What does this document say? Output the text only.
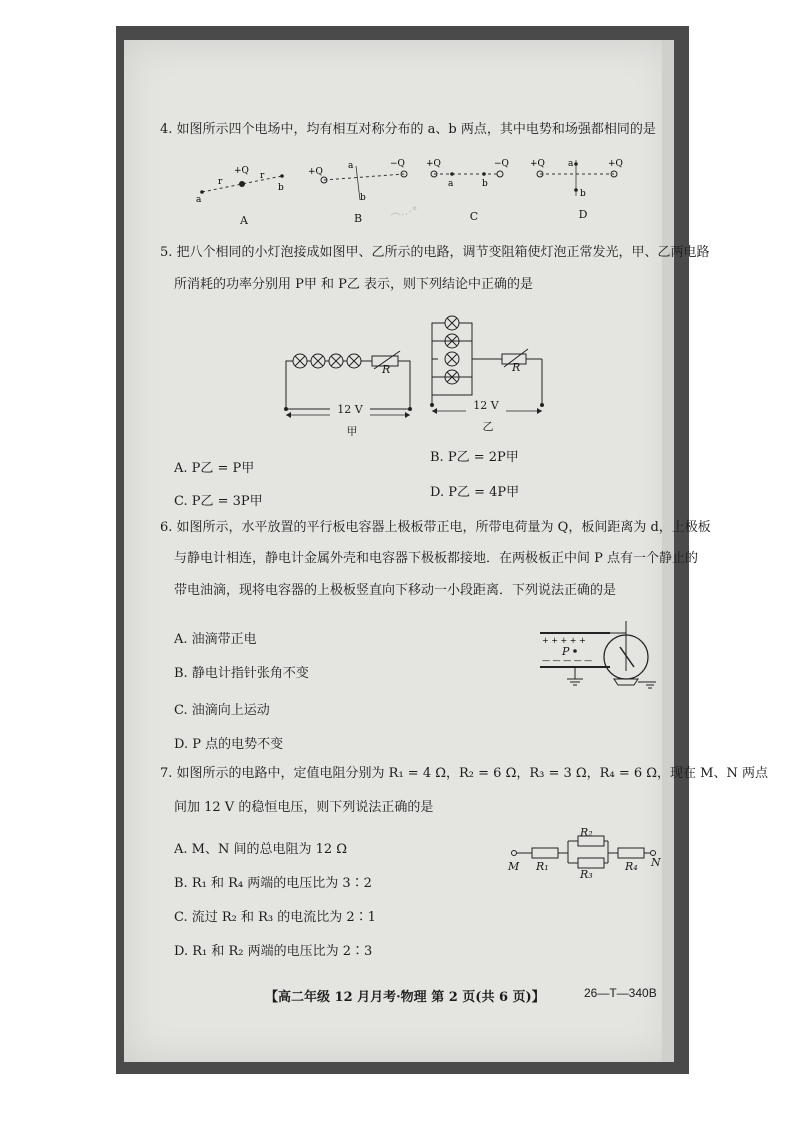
︵‥·°
4. 如图所示四个电场中，均有相互对称分布的 a、b 两点，其中电势和场强都相同的是
a
b
r
r
+Q	+Q
−Q
a
b
+Q	−Q
a	b
+Q	+Q
a
b
A	B	C	D
5. 把八个相同的小灯泡接成如图甲、乙所示的电路，调节变阻箱使灯泡正常发光，甲、乙两电路
所消耗的功率分别用 P甲 和 P乙 表示，则下列结论中正确的是
R	R
12 V	12 V
甲	乙
A. P乙 = P甲
B. P乙 = 2P甲
C. P乙 = 3P甲
D. P乙 = 4P甲
6. 如图所示，水平放置的平行板电容器上极板带正电，所带电荷量为 Q，板间距离为 d，上极板
与静电计相连，静电计金属外壳和电容器下极板都接地．在两极板正中间 P 点有一个静止的
带电油滴，现将电容器的上极板竖直向下移动一小段距离．下列说法正确的是
+ + + + +
— — — — —
P
A. 油滴带正电
B. 静电计指针张角不变
C. 油滴向上运动
D. P 点的电势不变
7. 如图所示的电路中，定值电阻分别为 R₁ = 4 Ω，R₂ = 6 Ω，R₃ = 3 Ω，R₄ = 6 Ω，现在 M、N 两点
间加 12 V 的稳恒电压，则下列说法正确的是
M	N
R₁
R₂
R₃
R₄
A. M、N 间的总电阻为 12 Ω
B. R₁ 和 R₄ 两端的电压比为 3∶2
C. 流过 R₂ 和 R₃ 的电流比为 2∶1
D. R₁ 和 R₂ 两端的电压比为 2∶3
【高二年级 12 月月考·物理 第 2 页(共 6 页)】	26—T—340B
